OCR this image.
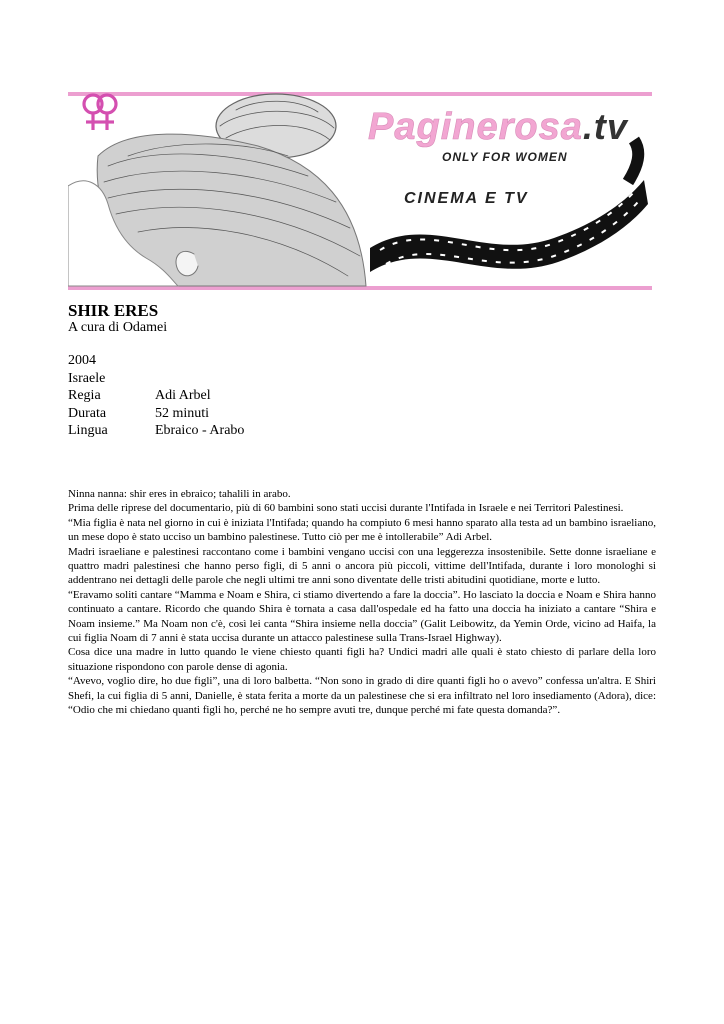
Paginerosa.tv

ONLY FOR WOMEN

CINEMA E TV

SHIR ERES
A cura di Odamei
2004
Israele
Regia	Adi Arbel
Durata	52 minuti
Lingua	Ebraico - Arabo

Ninna nanna: shir eres in ebraico; tahalili in arabo.

Prima delle riprese del documentario, più di 60 bambini sono stati uccisi durante l'Intifada in Israele e nei Territori Palestinesi.

“Mia figlia è nata nel giorno in cui è iniziata l'Intifada; quando ha compiuto 6 mesi hanno sparato alla testa ad un bambino israeliano, un mese dopo è stato ucciso un bambino palestinese. Tutto ciò per me è intollerabile” Adi Arbel.

Madri israeliane e palestinesi raccontano come i bambini vengano uccisi con una leggerezza insostenibile. Sette donne israeliane e quattro madri palestinesi che hanno perso figli, di 5 anni o ancora più piccoli, vittime dell'Intifada, durante i loro monologhi si addentrano nei dettagli delle parole che negli ultimi tre anni sono diventate delle tristi abitudini quotidiane, morte e lutto.

“Eravamo soliti cantare “Mamma e Noam e Shira, ci stiamo divertendo a fare la doccia”. Ho lasciato la doccia e Noam e Shira hanno continuato a cantare. Ricordo che quando Shira è tornata a casa dall'ospedale ed ha fatto una doccia ha iniziato a cantare “Shira e Noam insieme.” Ma Noam non c'è, così lei canta “Shira insieme nella doccia” (Galit Leibowitz, da Yemin Orde, vicino ad Haifa, la cui figlia Noam di 7 anni è stata uccisa durante un attacco palestinese sulla Trans-Israel Highway).

Cosa dice una madre in lutto quando le viene chiesto quanti figli ha? Undici madri alle quali è stato chiesto di parlare della loro situazione rispondono con parole dense di agonia.

“Avevo, voglio dire, ho due figli”, una di loro balbetta. “Non sono in grado di dire quanti figli ho o avevo” confessa un'altra. E Shiri Shefi, la cui figlia di 5 anni, Danielle, è stata ferita a morte da un palestinese che si era infiltrato nel loro insediamento (Adora), dice: “Odio che mi chiedano quanti figli ho, perché ne ho sempre avuti tre, dunque perché mi fate questa domanda?”.
